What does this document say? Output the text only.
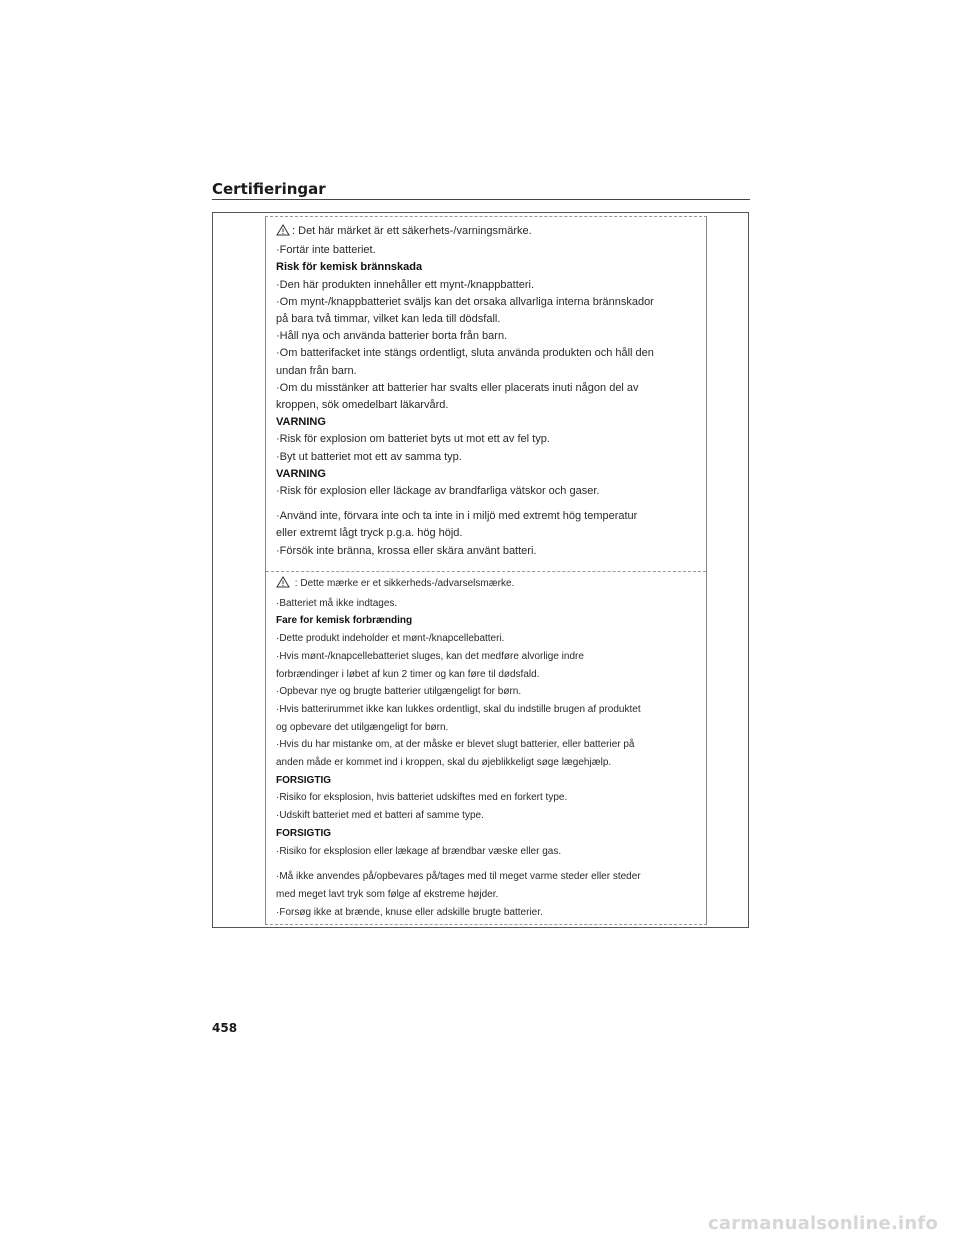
Certifieringar
: Det här märket är ett säkerhets-/varningsmärke.
·Fortär inte batteriet.
Risk för kemisk brännskada
·Den här produkten innehåller ett mynt-/knappbatteri.
·Om mynt-/knappbatteriet sväljs kan det orsaka allvarliga interna brännskador
på bara två timmar, vilket kan leda till dödsfall.
·Håll nya och använda batterier borta från barn.
·Om batterifacket inte stängs ordentligt, sluta använda produkten och håll den
undan från barn.
·Om du misstänker att batterier har svalts eller placerats inuti någon del av
kroppen, sök omedelbart läkarvård.
VARNING
·Risk för explosion om batteriet byts ut mot ett av fel typ.
·Byt ut batteriet mot ett av samma typ.
VARNING
·Risk för explosion eller läckage av brandfarliga vätskor och gaser.
·Använd inte, förvara inte och ta inte in i miljö med extremt hög temperatur
eller extremt lågt tryck p.g.a. hög höjd.
·Försök inte bränna, krossa eller skära använt batteri.
: Dette mærke er et sikkerheds-/advarselsmærke.
·Batteriet må ikke indtages.
Fare for kemisk forbrænding
·Dette produkt indeholder et mønt-/knapcellebatteri.
·Hvis mønt-/knapcellebatteriet sluges, kan det medføre alvorlige indre
forbrændinger i løbet af kun 2 timer og kan føre til dødsfald.
·Opbevar nye og brugte batterier utilgængeligt for børn.
·Hvis batterirummet ikke kan lukkes ordentligt, skal du indstille brugen af produktet
og opbevare det utilgængeligt for børn.
·Hvis du har mistanke om, at der måske er blevet slugt batterier, eller batterier på
anden måde er kommet ind i kroppen, skal du øjeblikkeligt søge lægehjælp.
FORSIGTIG
·Risiko for eksplosion, hvis batteriet udskiftes med en forkert type.
·Udskift batteriet med et batteri af samme type.
FORSIGTIG
·Risiko for eksplosion eller lækage af brændbar væske eller gas.
·Må ikke anvendes på/opbevares på/tages med til meget varme steder eller steder
med meget lavt tryk som følge af ekstreme højder.
·Forsøg ikke at brænde, knuse eller adskille brugte batterier.
458
carmanualsonline.info
